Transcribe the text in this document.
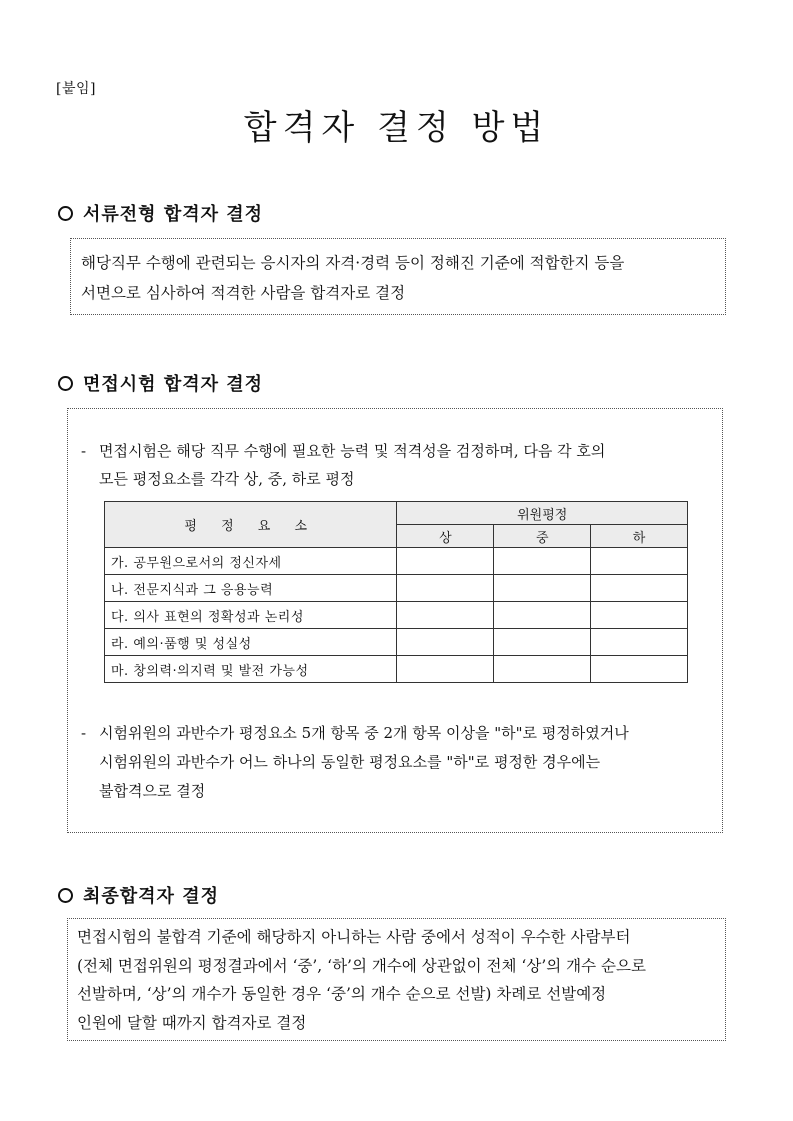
[붙임]
합격자 결정 방법
서류전형 합격자 결정
해당직무 수행에 관련되는 응시자의 자격·경력 등이 정해진 기준에 적합한지 등을
서면으로 심사하여 적격한 사람을 합격자로 결정
면접시험 합격자 결정
- 면접시험은 해당 직무 수행에 필요한 능력 및 적격성을 검정하며, 다음 각 호의
모든 평정요소를 각각 상, 중, 하로 평정
평 정 요 소	위원평정		
	상	중	하
가. 공무원으로서의 정신자세			
나. 전문지식과 그 응용능력			
다. 의사 표현의 정확성과 논리성			
라. 예의·품행 및 성실성			
마. 창의력·의지력 및 발전 가능성			
- 시험위원의 과반수가 평정요소 5개 항목 중 2개 항목 이상을 "하"로 평정하였거나
시험위원의 과반수가 어느 하나의 동일한 평정요소를 "하"로 평정한 경우에는
불합격으로 결정
최종합격자 결정
면접시험의 불합격 기준에 해당하지 아니하는 사람 중에서 성적이 우수한 사람부터
(전체 면접위원의 평정결과에서 ‘중’, ‘하’의 개수에 상관없이 전체 ‘상’의 개수 순으로
선발하며, ‘상’의 개수가 동일한 경우 ‘중’의 개수 순으로 선발) 차례로 선발예정
인원에 달할 때까지 합격자로 결정
